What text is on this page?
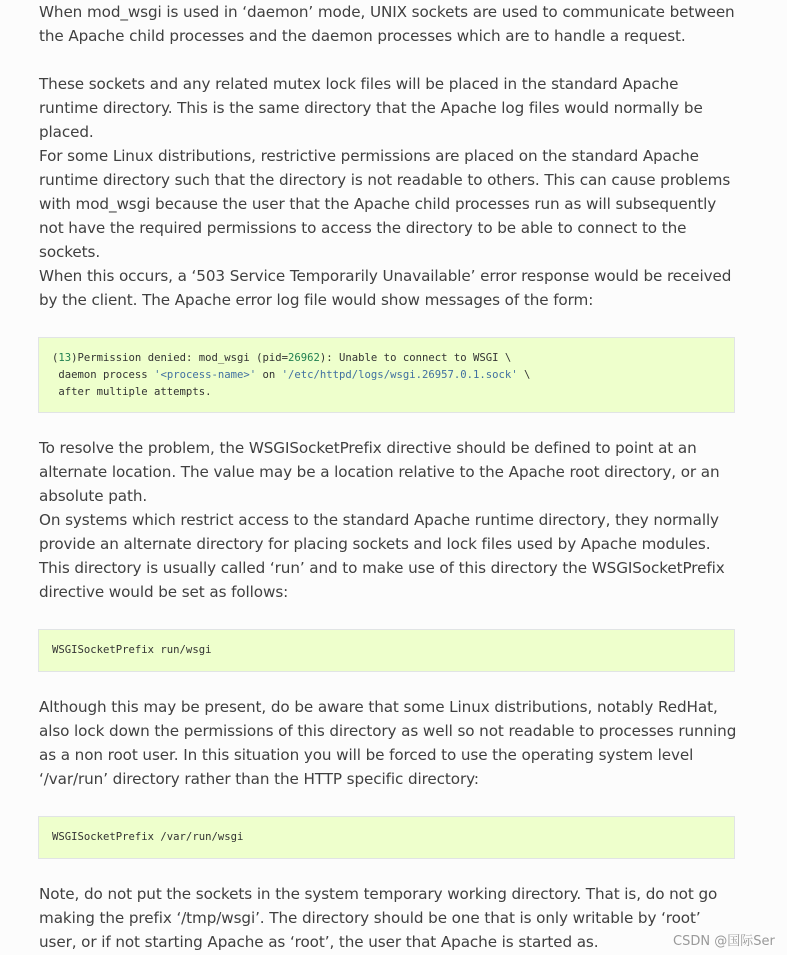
When mod_wsgi is used in ‘daemon’ mode, UNIX sockets are used to communicate between the Apache child processes and the daemon processes which are to handle a request.

These sockets and any related mutex lock files will be placed in the standard Apache runtime directory. This is the same directory that the Apache log files would normally be placed.

For some Linux distributions, restrictive permissions are placed on the standard Apache runtime directory such that the directory is not readable to others. This can cause problems with mod_wsgi because the user that the Apache child processes run as will subsequently not have the required permissions to access the directory to be able to connect to the sockets.

When this occurs, a ‘503 Service Temporarily Unavailable’ error response would be received by the client. The Apache error log file would show messages of the form:

(13)Permission denied: mod_wsgi (pid=26962): Unable to connect to WSGI \
daemon process '<process-name>' on '/etc/httpd/logs/wsgi.26957.0.1.sock' \
after multiple attempts.

To resolve the problem, the WSGISocketPrefix directive should be defined to point at an alternate location. The value may be a location relative to the Apache root directory, or an absolute path.

On systems which restrict access to the standard Apache runtime directory, they normally provide an alternate directory for placing sockets and lock files used by Apache modules. This directory is usually called ‘run’ and to make use of this directory the WSGISocketPrefix directive would be set as follows:

WSGISocketPrefix run/wsgi

Although this may be present, do be aware that some Linux distributions, notably RedHat, also lock down the permissions of this directory as well so not readable to processes running as a non root user. In this situation you will be forced to use the operating system level ‘/var/run’ directory rather than the HTTP specific directory:

WSGISocketPrefix /var/run/wsgi

Note, do not put the sockets in the system temporary working directory. That is, do not go making the prefix ‘/tmp/wsgi’. The directory should be one that is only writable by ‘root’ user, or if not starting Apache as ‘root’, the user that Apache is started as.	CSDN @国际Ser
